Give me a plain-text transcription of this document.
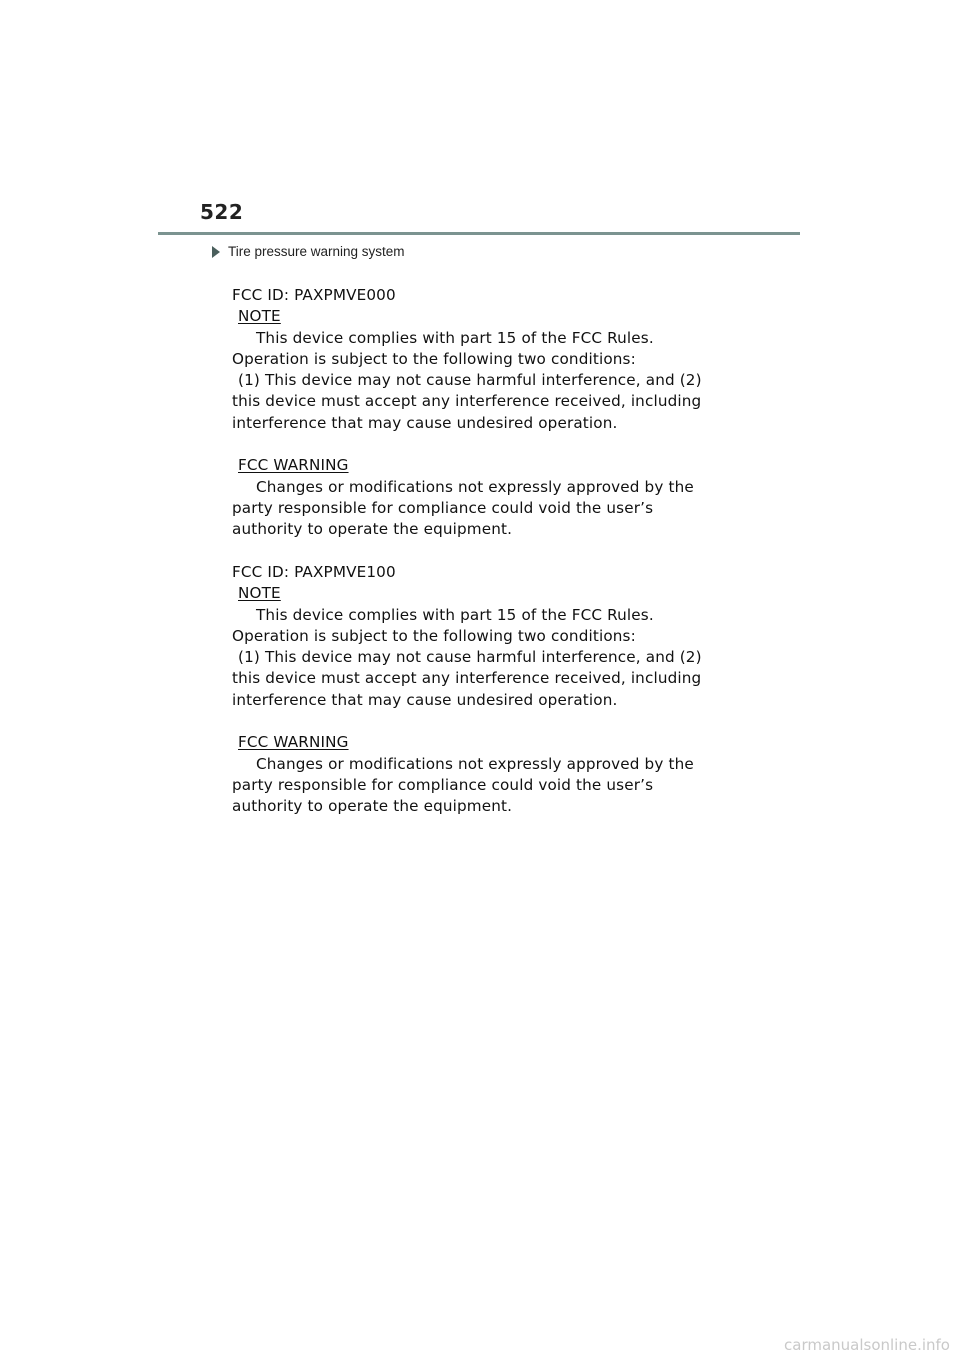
522
Tire pressure warning system
FCC ID: PAXPMVE000
NOTE
This device complies with part 15 of the FCC Rules.
Operation is subject to the following two conditions:
(1) This device may not cause harmful interference, and (2)
this device must accept any interference received, including
interference that may cause undesired operation.
FCC WARNING
Changes or modifications not expressly approved by the
party responsible for compliance could void the user’s
authority to operate the equipment.
FCC ID: PAXPMVE100
NOTE
This device complies with part 15 of the FCC Rules.
Operation is subject to the following two conditions:
(1) This device may not cause harmful interference, and (2)
this device must accept any interference received, including
interference that may cause undesired operation.
FCC WARNING
Changes or modifications not expressly approved by the
party responsible for compliance could void the user’s
authority to operate the equipment.
carmanualsonline.info
